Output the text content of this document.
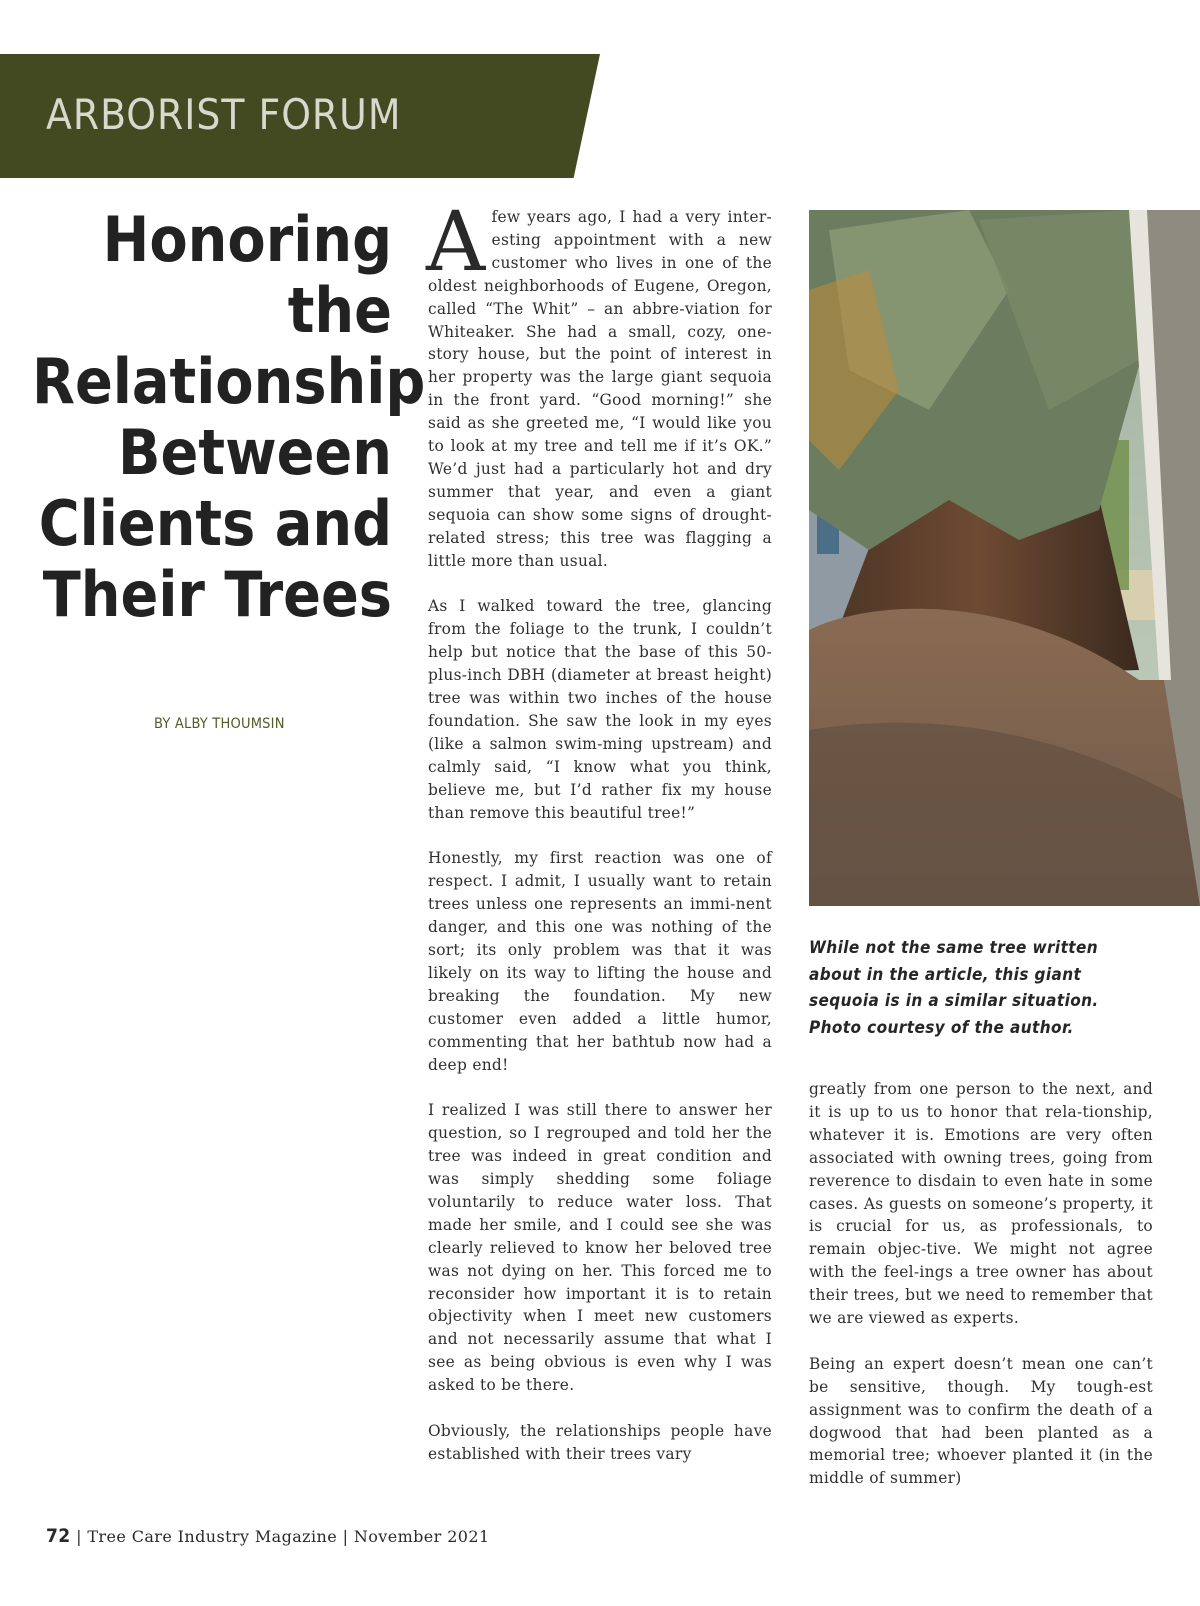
ARBORIST FORUM
Honoring
the
Relationship
Between
Clients and
Their Trees
BY ALBY THOUMSIN

Afew years ago, I had a very inter-esting appointment with a new customer who lives in one of the oldest neighborhoods of Eugene, Oregon, called “The Whit” – an abbre-viation for Whiteaker. She had a small, cozy, one-story house, but the point of interest in her property was the large giant sequoia in the front yard. “Good morning!” she said as she greeted me, “I would like you to look at my tree and tell me if it’s OK.” We’d just had a particularly hot and dry summer that year, and even a giant sequoia can show some signs of drought-related stress; this tree was flagging a little more than usual.

As I walked toward the tree, glancing from the foliage to the trunk, I couldn’t help but notice that the base of this 50-plus-inch DBH (diameter at breast height) tree was within two inches of the house foundation. She saw the look in my eyes (like a salmon swim-ming upstream) and calmly said, “I know what you think, believe me, but I’d rather fix my house than remove this beautiful tree!”

Honestly, my first reaction was one of respect. I admit, I usually want to retain trees unless one represents an immi-nent danger, and this one was nothing of the sort; its only problem was that it was likely on its way to lifting the house and breaking the foundation. My new customer even added a little humor, commenting that her bathtub now had a deep end!

I realized I was still there to answer her question, so I regrouped and told her the tree was indeed in great condition and was simply shedding some foliage voluntarily to reduce water loss. That made her smile, and I could see she was clearly relieved to know her beloved tree was not dying on her. This forced me to reconsider how important it is to retain objectivity when I meet new customers and not necessarily assume that what I see as being obvious is even why I was asked to be there.

Obviously, the relationships people have established with their trees vary

While not the same tree written about in the article, this giant sequoia is in a similar situation. Photo courtesy of the author.

greatly from one person to the next, and it is up to us to honor that rela-tionship, whatever it is. Emotions are very often associated with owning trees, going from reverence to disdain to even hate in some cases. As guests on someone’s property, it is crucial for us, as professionals, to remain objec-tive. We might not agree with the feel-ings a tree owner has about their trees, but we need to remember that we are viewed as experts.

Being an expert doesn’t mean one can’t be sensitive, though. My tough-est assignment was to confirm the death of a dogwood that had been planted as a memorial tree; whoever planted it (in the middle of summer)

72 | Tree Care Industry Magazine | November 2021
